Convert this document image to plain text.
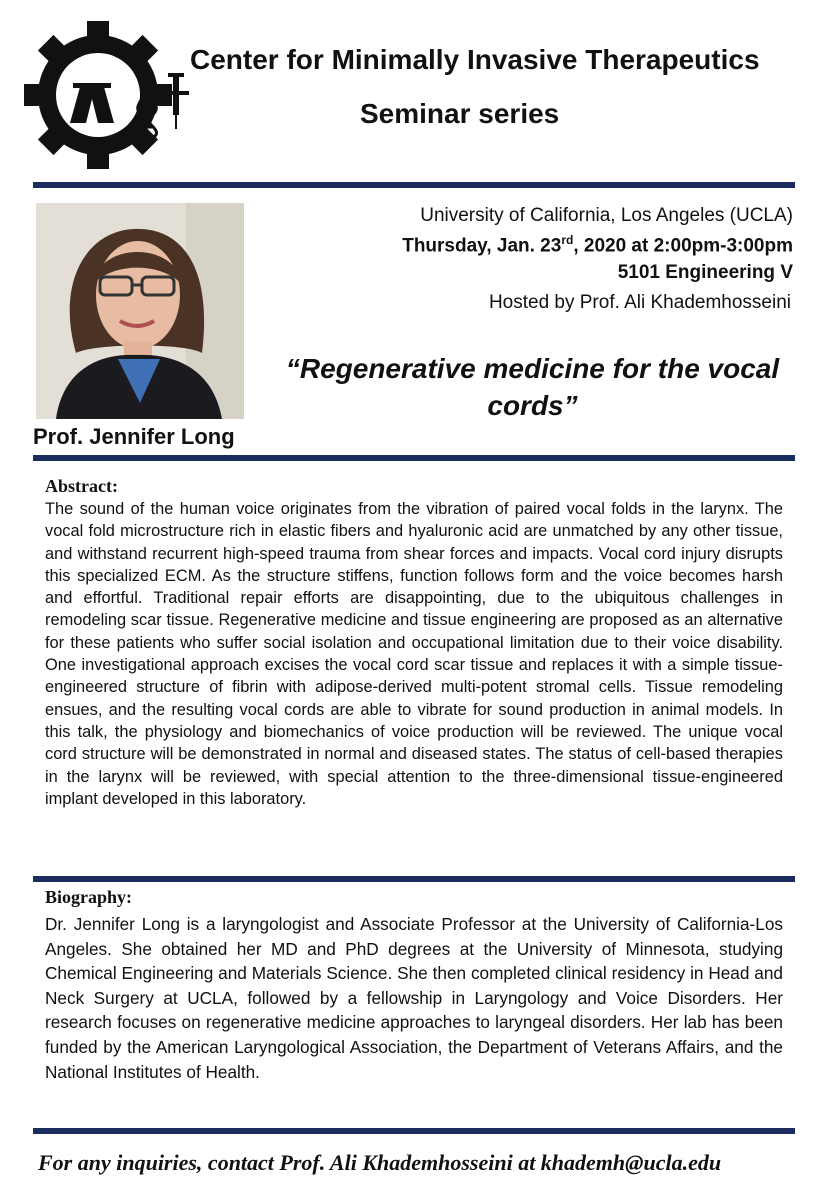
Center for Minimally Invasive Therapeutics
Seminar series
Prof. Jennifer Long
University of California, Los Angeles (UCLA)
Thursday, Jan. 23rd, 2020 at 2:00pm-3:00pm
5101 Engineering V
Hosted by Prof. Ali Khademhosseini
“Regenerative medicine for the vocal cords”
Abstract:
The sound of the human voice originates from the vibration of paired vocal folds in the larynx. The vocal fold microstructure rich in elastic fibers and hyaluronic acid are unmatched by any other tissue, and withstand recurrent high-speed trauma from shear forces and impacts. Vocal cord injury disrupts this specialized ECM. As the structure stiffens, function follows form and the voice becomes harsh and effortful. Traditional repair efforts are disappointing, due to the ubiquitous challenges in remodeling scar tissue. Regenerative medicine and tissue engineering are proposed as an alternative for these patients who suffer social isolation and occupational limitation due to their voice disability. One investigational approach excises the vocal cord scar tissue and replaces it with a simple tissue-engineered structure of fibrin with adipose-derived multi-potent stromal cells. Tissue remodeling ensues, and the resulting vocal cords are able to vibrate for sound production in animal models. In this talk, the physiology and biomechanics of voice production will be reviewed. The unique vocal cord structure will be demonstrated in normal and diseased states. The status of cell-based therapies in the larynx will be reviewed, with special attention to the three-dimensional tissue-engineered implant developed in this laboratory.
Biography:
Dr. Jennifer Long is a laryngologist and Associate Professor at the University of California-Los Angeles. She obtained her MD and PhD degrees at the University of Minnesota, studying Chemical Engineering and Materials Science. She then completed clinical residency in Head and Neck Surgery at UCLA, followed by a fellowship in Laryngology and Voice Disorders. Her research focuses on regenerative medicine approaches to laryngeal disorders. Her lab has been funded by the American Laryngological Association, the Department of Veterans Affairs, and the National Institutes of Health.
For any inquiries, contact Prof. Ali Khademhosseini at khademh@ucla.edu
